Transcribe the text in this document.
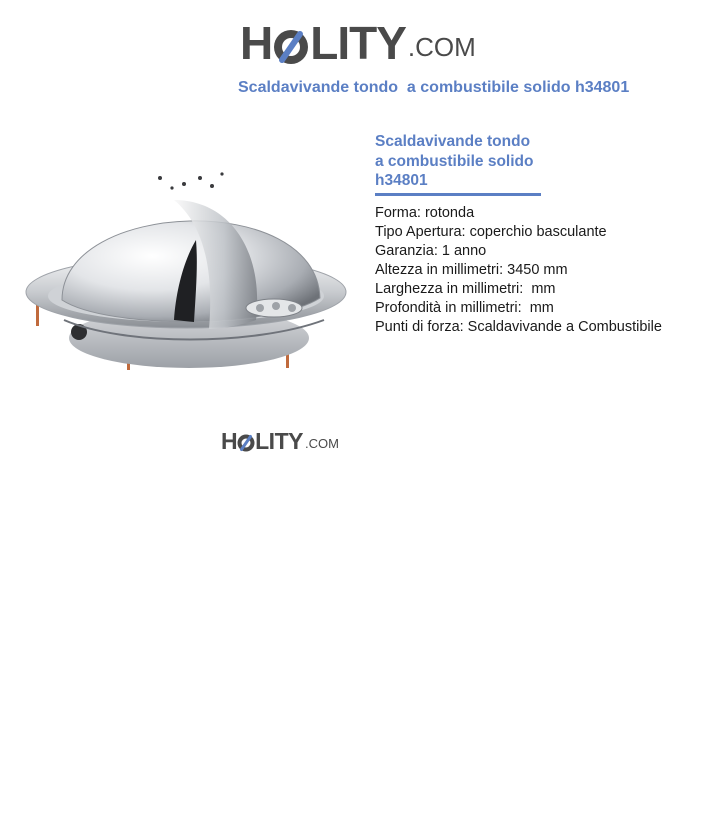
H LITY .COM
Scaldavivande tondo  a combustibile solido h34801
H LITY .COM
Scaldavivande tondo
a combustibile solido
h34801
Forma: rotonda
Tipo Apertura: coperchio basculante
Garanzia: 1 anno
Altezza in millimetri: 3450 mm
Larghezza in millimetri:  mm
Profondità in millimetri:  mm
Punti di forza: Scaldavivande a Combustibile
